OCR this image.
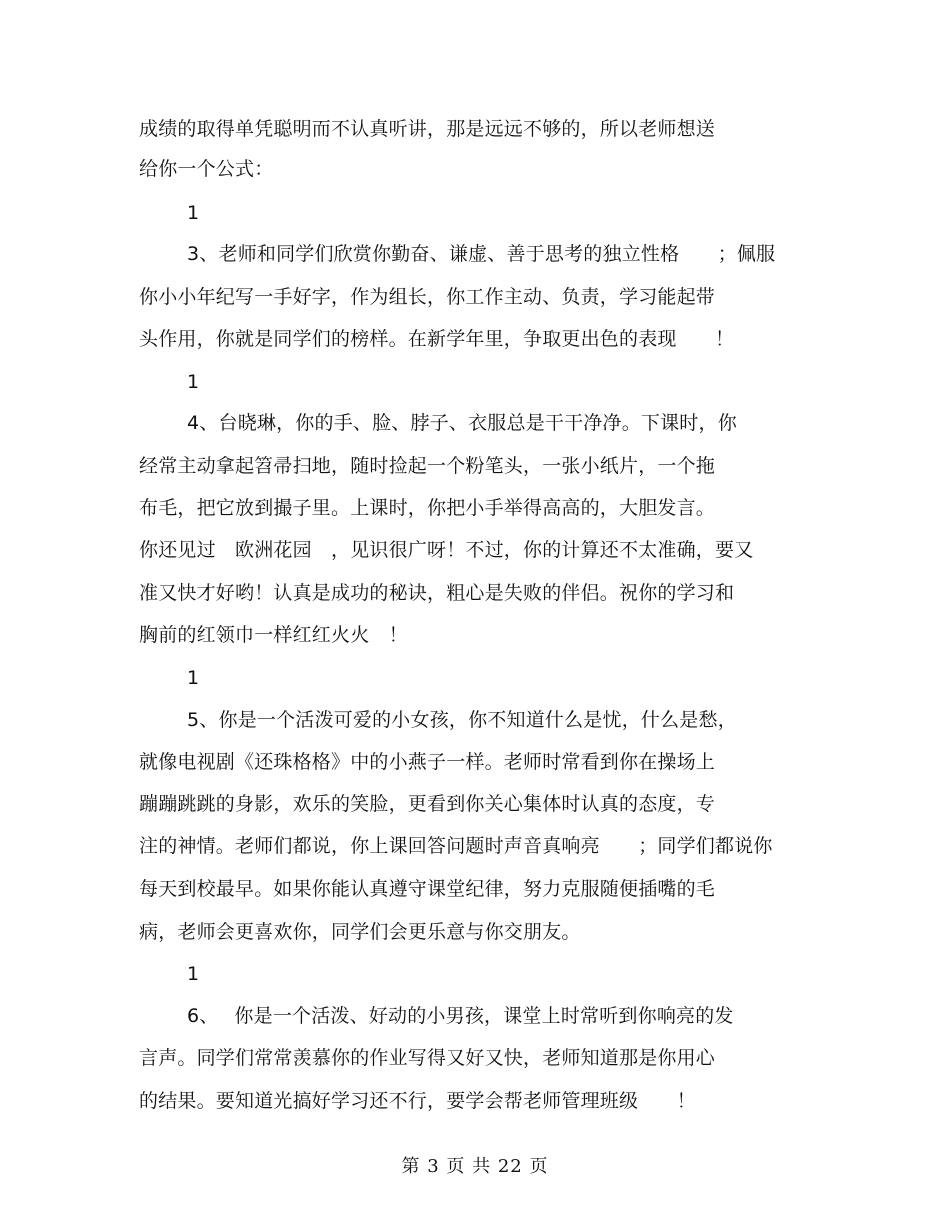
成绩的取得单凭聪明而不认真听讲，那是远远不够的，所以老师想送
给你一个公式：
1
3、老师和同学们欣赏你勤奋、谦虚、善于思考的独立性格　　；佩服
你小小年纪写一手好字，作为组长，你工作主动、负责，学习能起带
头作用，你就是同学们的榜样。在新学年里，争取更出色的表现　　！
1
4、台晓琳，你的手、脸、脖子、衣服总是干干净净。下课时，你
经常主动拿起笤帚扫地，随时捡起一个粉笔头，一张小纸片，一个拖
布毛，把它放到撮子里。上课时，你把小手举得高高的，大胆发言。
你还见过　欧洲花园　，见识很广呀！不过，你的计算还不太准确，要又
准又快才好哟！认真是成功的秘诀，粗心是失败的伴侣。祝你的学习和
胸前的红领巾一样红红火火　！
1
5、你是一个活泼可爱的小女孩，你不知道什么是忧，什么是愁，
就像电视剧《还珠格格》中的小燕子一样。老师时常看到你在操场上
蹦蹦跳跳的身影，欢乐的笑脸，更看到你关心集体时认真的态度，专
注的神情。老师们都说，你上课回答问题时声音真响亮　　；同学们都说你
每天到校最早。如果你能认真遵守课堂纪律，努力克服随便插嘴的毛
病，老师会更喜欢你，同学们会更乐意与你交朋友。
1
6、　 你是一个活泼、好动的小男孩，课堂上时常听到你响亮的发
言声。同学们常常羡慕你的作业写得又好又快，老师知道那是你用心
的结果。要知道光搞好学习还不行，要学会帮老师管理班级　　！
第 3 页 共 22 页
